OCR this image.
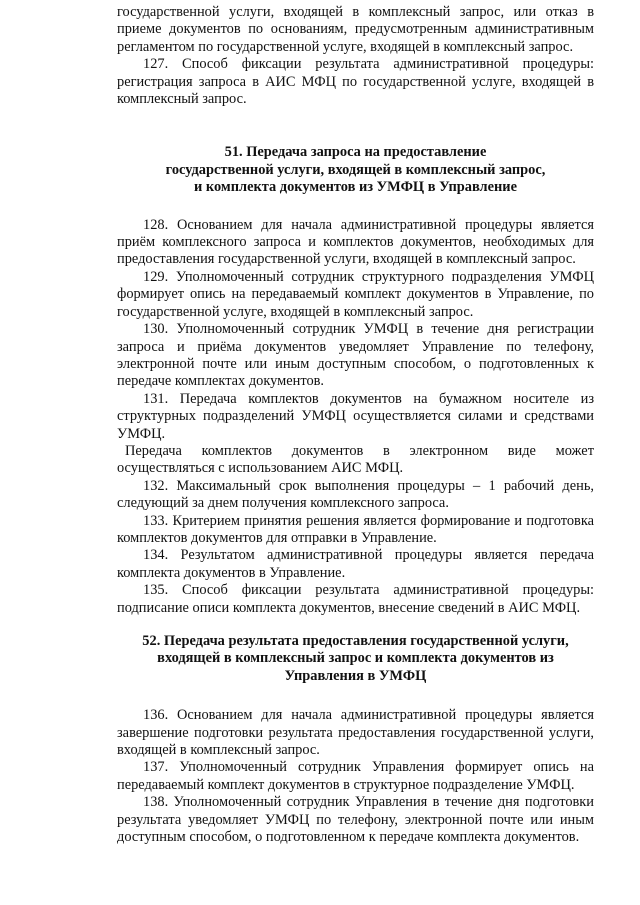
государственной услуги, входящей в комплексный запрос, или отказ в приеме документов по основаниям, предусмотренным административным регламентом по государственной услуге, входящей в комплексный запрос.

127. Способ фиксации результата административной процедуры: регистрация запроса в АИС МФЦ по государственной услуге, входящей в комплексный запрос.

51. Передача запроса на предоставление
государственной услуги, входящей в комплексный запрос,
и комплекта документов из УМФЦ в Управление

128. Основанием для начала административной процедуры является приём комплексного запроса и комплектов документов, необходимых для предоставления государственной услуги, входящей в комплексный запрос.

129. Уполномоченный сотрудник структурного подразделения УМФЦ формирует опись на передаваемый комплект документов в Управление, по государственной услуге, входящей в комплексный запрос.

130. Уполномоченный сотрудник УМФЦ в течение дня регистрации запроса и приёма документов уведомляет Управление по телефону, электронной почте или иным доступным способом, о подготовленных к передаче комплектах документов.

131. Передача комплектов документов на бумажном носителе из структурных подразделений УМФЦ осуществляется силами и средствами УМФЦ.

Передача комплектов документов в электронном виде может осуществляться с использованием АИС МФЦ.

132. Максимальный срок выполнения процедуры – 1 рабочий день, следующий за днем получения комплексного запроса.

133. Критерием принятия решения является формирование и подготовка комплектов документов для отправки в Управление.

134. Результатом административной процедуры является передача комплекта документов в Управление.

135. Способ фиксации результата административной процедуры: подписание описи комплекта документов, внесение сведений в АИС МФЦ.

52. Передача результата предоставления государственной услуги,
входящей в комплексный запрос и комплекта документов из
Управления в УМФЦ

136. Основанием для начала административной процедуры является завершение подготовки результата предоставления государственной услуги, входящей в комплексный запрос.

137. Уполномоченный сотрудник Управления формирует опись на передаваемый комплект документов в структурное подразделение УМФЦ.

138. Уполномоченный сотрудник Управления в течение дня подготовки результата уведомляет УМФЦ по телефону, электронной почте или иным доступным способом, о подготовленном к передаче комплекта документов.
